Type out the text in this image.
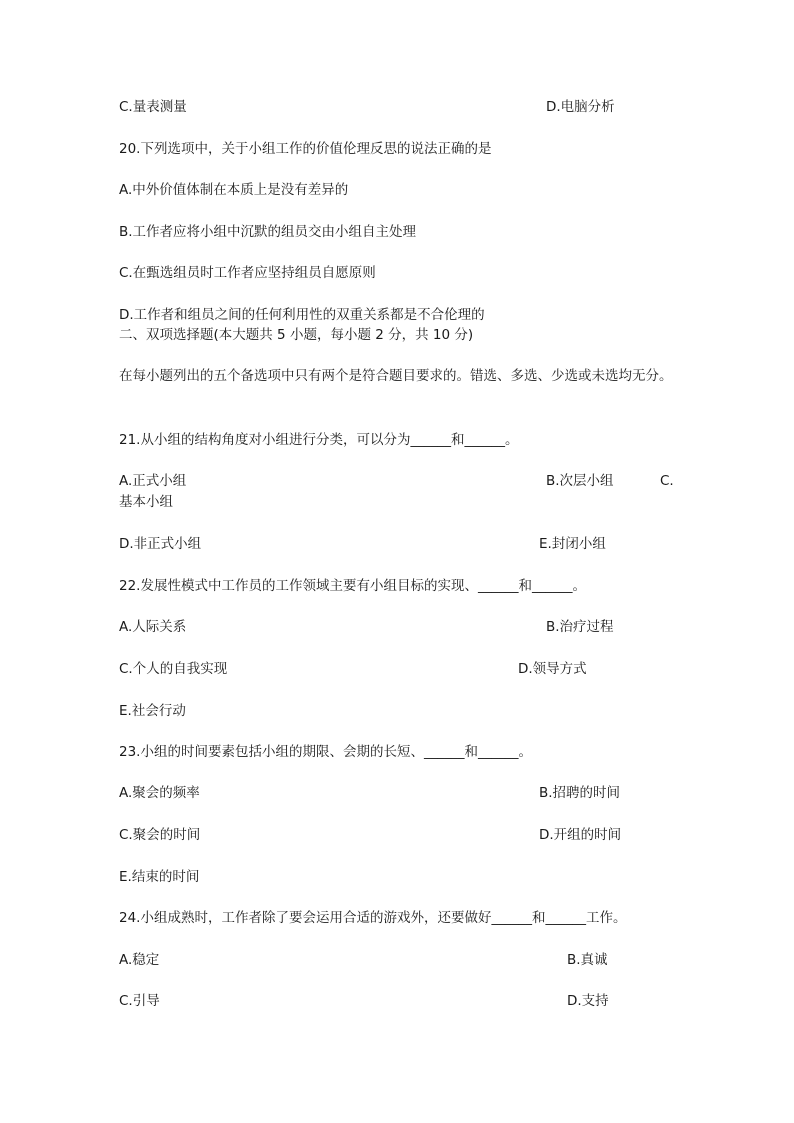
C.量表测量	D.电脑分析
20.下列选项中，关于小组工作的价值伦理反思的说法正确的是
A.中外价值体制在本质上是没有差异的
B.工作者应将小组中沉默的组员交由小组自主处理
C.在甄选组员时工作者应坚持组员自愿原则
D.工作者和组员之间的任何利用性的双重关系都是不合伦理的
二、双项选择题(本大题共 5 小题，每小题 2 分，共 10 分)
在每小题列出的五个备选项中只有两个是符合题目要求的。错选、多选、少选或未选均无分。
21.从小组的结构角度对小组进行分类，可以分为______和______。
A.正式小组	B.次层小组	C.
基本小组
D.非正式小组	E.封闭小组
22.发展性模式中工作员的工作领域主要有小组目标的实现、______和______。
A.人际关系	B.治疗过程
C.个人的自我实现	D.领导方式
E.社会行动
23.小组的时间要素包括小组的期限、会期的长短、______和______。
A.聚会的频率	B.招聘的时间
C.聚会的时间	D.开组的时间
E.结束的时间
24.小组成熟时，工作者除了要会运用合适的游戏外，还要做好______和______工作。
A.稳定	B.真诚
C.引导	D.支持
